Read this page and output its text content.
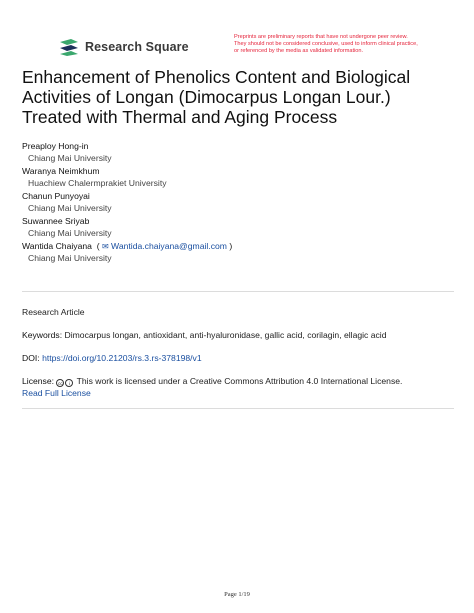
Research Square
Preprints are preliminary reports that have not undergone peer review.
They should not be considered conclusive, used to inform clinical practice,
or referenced by the media as validated information.
Enhancement of Phenolics Content and Biological Activities of Longan (Dimocarpus Longan Lour.) Treated with Thermal and Aging Process
Preaploy Hong-in
Chiang Mai University
Waranya Neimkhum
Huachiew Chalermprakiet University
Chanun Punyoyai
Chiang Mai University
Suwannee Sriyab
Chiang Mai University
Wantida Chaiyana ( ✉ Wantida.chaiyana@gmail.com )
Chiang Mai University
Research Article
Keywords: Dimocarpus longan, antioxidant, anti-hyaluronidase, gallic acid, corilagin, ellagic acid
DOI: https://doi.org/10.21203/rs.3.rs-378198/v1
License: cc i This work is licensed under a Creative Commons Attribution 4.0 International License.
Read Full License
Page 1/19
